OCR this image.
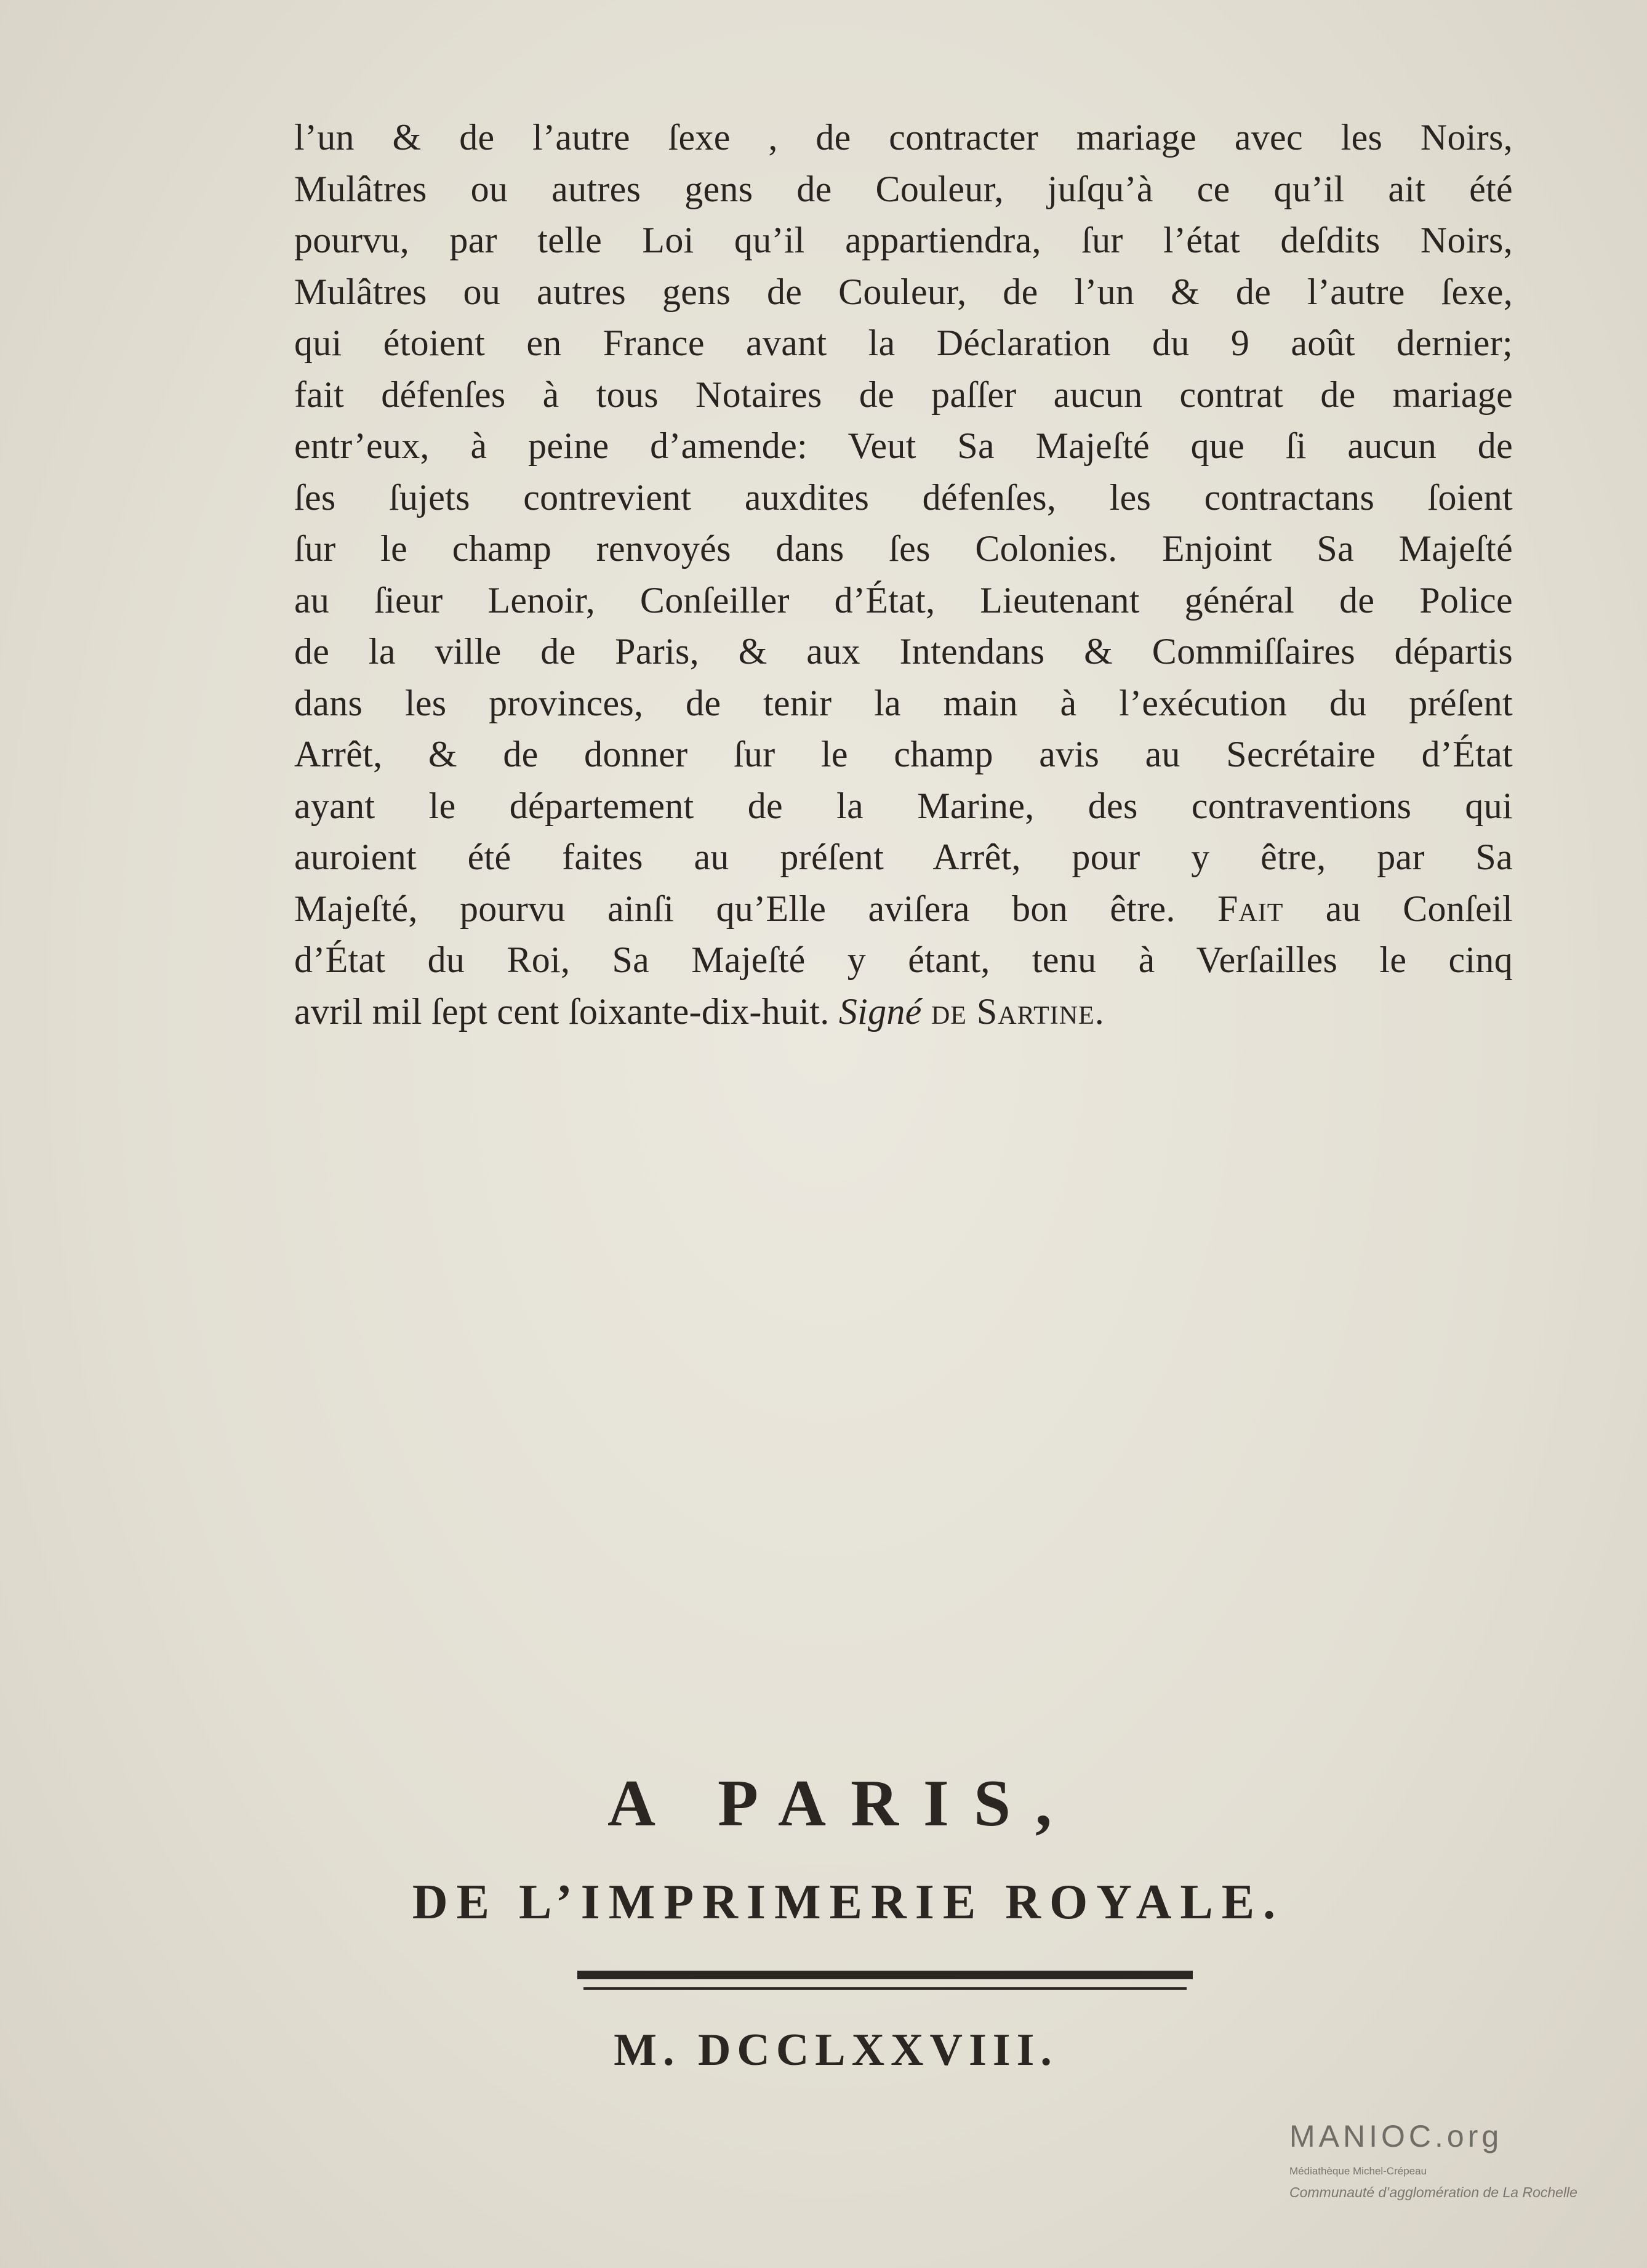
l’un & de l’autre ſexe , de contracter mariage avec les Noirs,
Mulâtres ou autres gens de Couleur, juſqu’à ce qu’il ait été
pourvu, par telle Loi qu’il appartiendra, ſur l’état deſdits Noirs,
Mulâtres ou autres gens de Couleur, de l’un & de l’autre ſexe,
qui étoient en France avant la Déclaration du 9 août dernier;
fait défenſes à tous Notaires de paſſer aucun contrat de mariage
entr’eux, à peine d’amende: Veut Sa Majeſté que ſi aucun de
ſes ſujets contrevient auxdites défenſes, les contractans ſoient
ſur le champ renvoyés dans ſes Colonies. Enjoint Sa Majeſté
au ſieur Lenoir, Conſeiller d’État, Lieutenant général de Police
de la ville de Paris, & aux Intendans & Commiſſaires départis
dans les provinces, de tenir la main à l’exécution du préſent
Arrêt, & de donner ſur le champ avis au Secrétaire d’État
ayant le département de la Marine, des contraventions qui
auroient été faites au préſent Arrêt, pour y être, par Sa
Majeſté, pourvu ainſi qu’Elle aviſera bon être. Fait au Conſeil
d’État du Roi, Sa Majeſté y étant, tenu à Verſailles le cinq
avril mil ſept cent ſoixante-dix-huit. Signé de Sartine.
A PARIS,
DE L’IMPRIMERIE ROYALE.
M. DCCLXXVIII.
MANIOC.org
Médiathèque Michel-Crépeau
Communauté d’agglomération de La Rochelle
